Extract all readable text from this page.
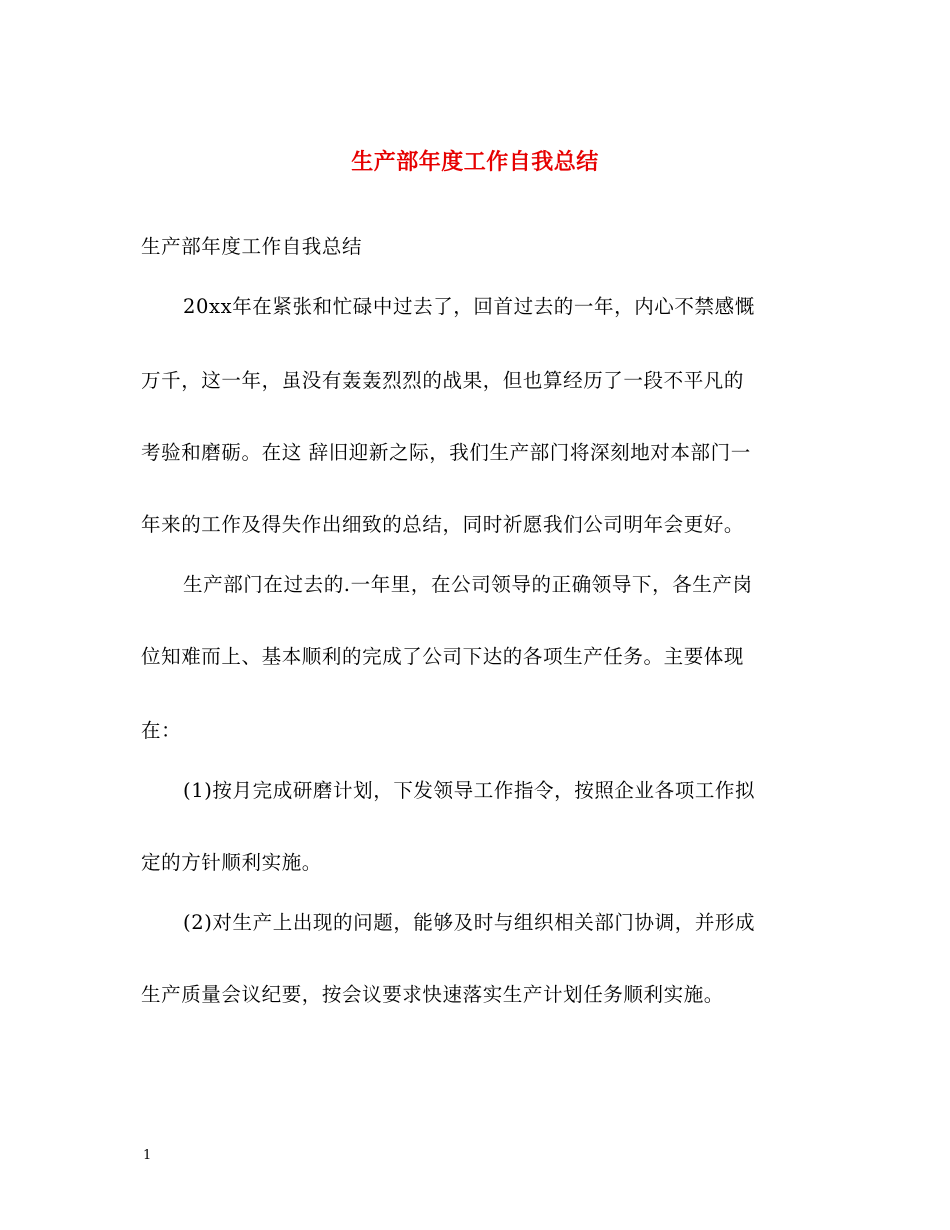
生产部年度工作自我总结
生产部年度工作自我总结
20xx年在紧张和忙碌中过去了，回首过去的一年，内心不禁感慨
万千，这一年，虽没有轰轰烈烈的战果，但也算经历了一段不平凡的
考验和磨砺。在这 辞旧迎新之际，我们生产部门将深刻地对本部门一
年来的工作及得失作出细致的总结，同时祈愿我们公司明年会更好。
生产部门在过去的.一年里，在公司领导的正确领导下，各生产岗
位知难而上、基本顺利的完成了公司下达的各项生产任务。主要体现
在：
(1)按月完成研磨计划，下发领导工作指令，按照企业各项工作拟
定的方针顺利实施。
(2)对生产上出现的问题，能够及时与组织相关部门协调，并形成
生产质量会议纪要，按会议要求快速落实生产计划任务顺利实施。
1
